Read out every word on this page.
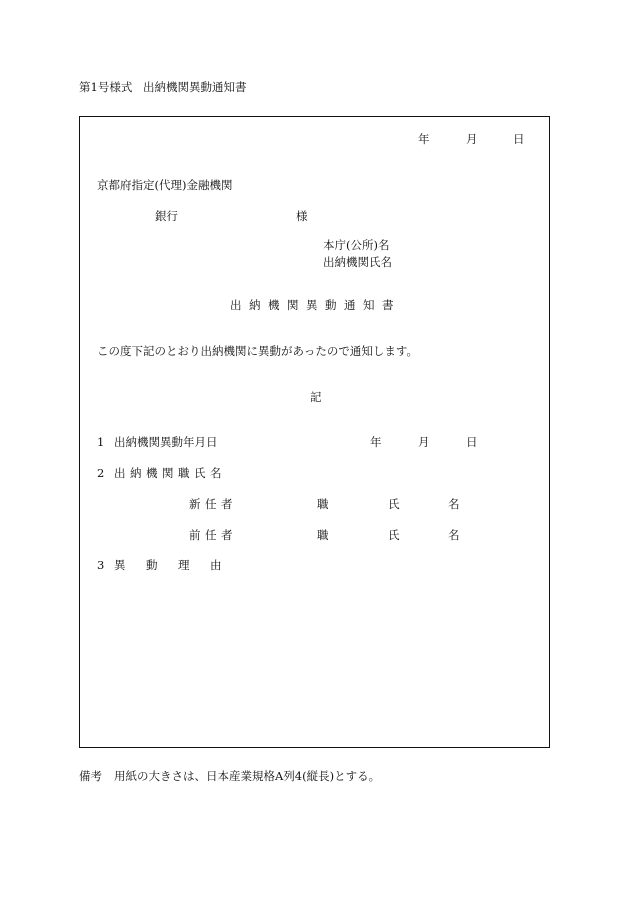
第1号様式 出納機関異動通知書
年	月	日
京都府指定(代理)金融機関
銀行	様
本庁(公所)名
出納機関氏名
出 納 機 関 異 動 通 知 書
この度下記のとおり出納機関に異動があったので通知します。
記
1 出納機関異動年月日	年	月	日
2 出 納 機 関 職 氏 名
新 任 者	職	氏	名
前 任 者	職	氏	名
3 異 動 理 由
備考 用紙の大きさは、日本産業規格A列4(縦長)とする。
